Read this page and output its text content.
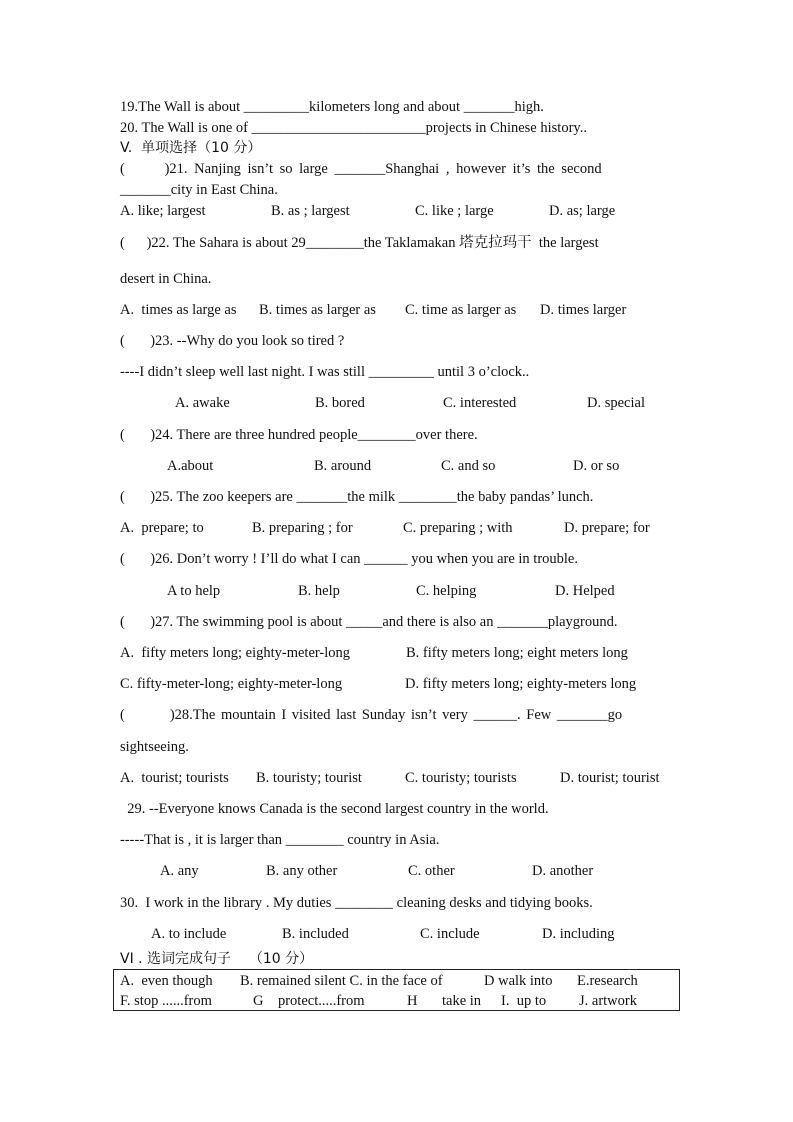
19.The Wall is about _________kilometers long and about _______high.
20. The Wall is one of ________________________projects in Chinese history..
V.  单项选择（10 分）
(      )21. Nanjing isn’t so large _______Shanghai , however it’s the second
_______city in East China.
A. like; largest	B. as ; largest	C. like ; large	D. as; large
(      )22. The Sahara is about 29________the Taklamakan 塔克拉玛干  the largest
desert in China.
A.  times as large as B. times as larger as C. time as larger as D. times larger
(       )23. --Why do you look so tired ?
----I didn’t sleep well last night. I was still _________ until 3 o’clock..
A. awake	B. bored	C. interested	D. special
(       )24. There are three hundred people________over there.
A.about	B. around	C. and so	D. or so
(       )25. The zoo keepers are _______the milk ________the baby pandas’ lunch.
A.  prepare; to	B. preparing ; for	C. preparing ; with	D. prepare; for
(       )26. Don’t worry ! I’ll do what I can ______ you when you are in trouble.
A to help	B. help	C. helping	D. Helped
(       )27. The swimming pool is about _____and there is also an _______playground.
A.  fifty meters long; eighty-meter-long	B. fifty meters long; eight meters long
C. fifty-meter-long; eighty-meter-long	D. fifty meters long; eighty-meters long
(        )28.The mountain I visited last Sunday isn’t very ______. Few _______go
sightseeing.
A.  tourist; tourists B. touristy; tourist	C. touristy; tourists	D. tourist; tourist
29. --Everyone knows Canada is the second largest country in the world.
-----That is , it is larger than ________ country in Asia.
A. any	B. any other	C. other	D. another
30.  I work in the library . My duties ________ cleaning desks and tidying books.
A. to include	B. included	C. include	D. including
VI . 选词完成句子    （10 分）
A.  even though B. remained silent C. in the face of	D walk into E.research
F. stop ......from	G    protect.....from	H take in I.  up to J. artwork
